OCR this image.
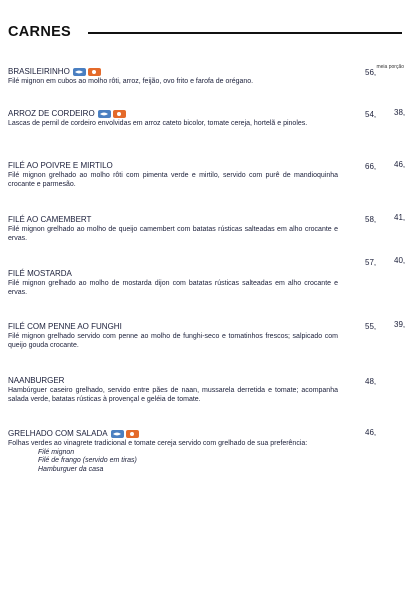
CARNES
meia porção
BRASILEIRINHO
Filé mignon em cubos ao molho rôti, arroz, feijão, ovo frito e farofa de orégano.
56,
ARROZ DE CORDEIRO
Lascas de pernil de cordeiro envolvidas em arroz cateto bicolor, tomate cereja, hortelã e pinoles.
54, 38,
FILÉ AO POIVRE E MIRTILO
Filé mignon grelhado ao molho rôti com pimenta verde e mirtilo, servido com purê de mandioquinha crocante e parmesão.
66, 46,
FILÉ AO CAMEMBERT
Filé mignon grelhado ao molho de queijo camembert com batatas rústicas salteadas em alho crocante e ervas.
58, 41,
FILÉ MOSTARDA
Filé mignon grelhado ao molho de mostarda dijon com batatas rústicas salteadas em alho crocante e ervas.
57, 40,
FILÉ COM PENNE AO FUNGHI
Filé mignon grelhado servido com penne ao molho de funghi-seco e tomatinhos frescos; salpicado com queijo gouda crocante.
55, 39,
NAANBURGER
Hambúrguer caseiro grelhado, servido entre pães de naan, mussarela derretida e tomate; acompanha salada verde, batatas rústicas à provençal e geléia de tomate.
48,
GRELHADO COM SALADA
Folhas verdes ao vinagrete tradicional e tomate cereja servido com grelhado de sua preferência:
Filé mignon
Filé de frango (servido em tiras)
Hamburguer da casa
46,
